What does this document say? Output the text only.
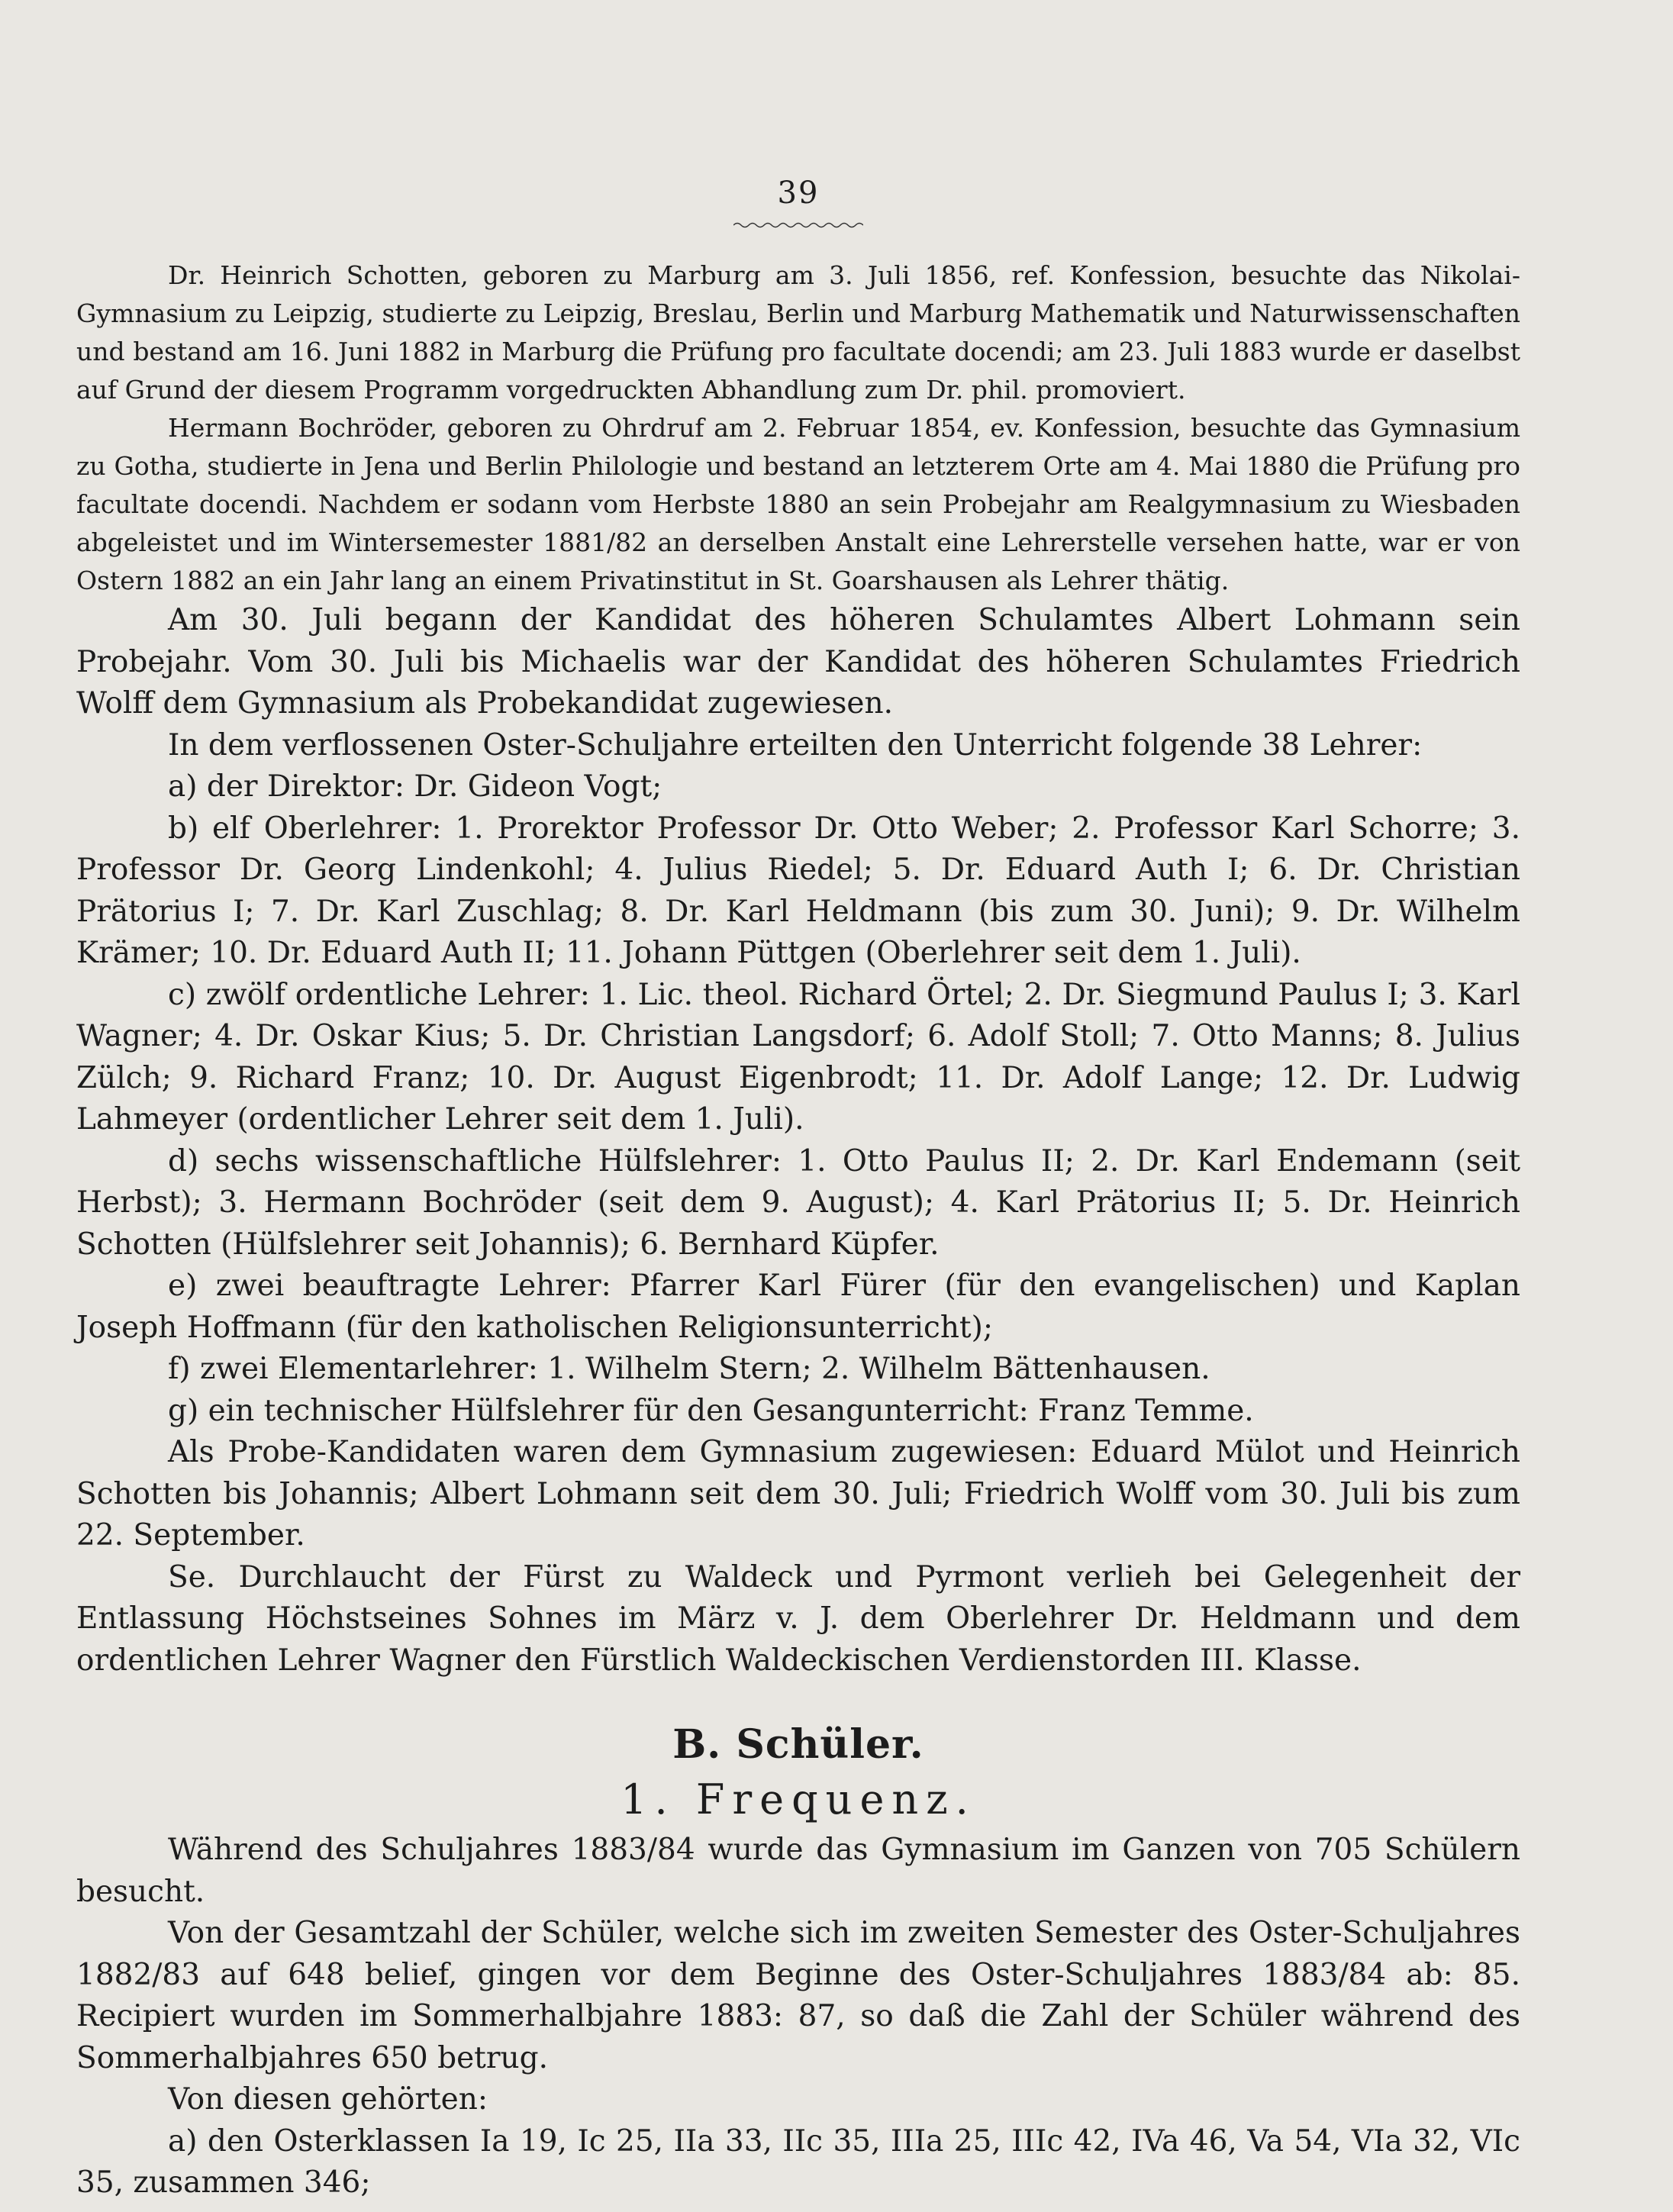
39

Dr. Heinrich Schotten, geboren zu Marburg am 3. Juli 1856, ref. Konfession, besuchte das Nikolai-Gymnasium zu Leipzig, studierte zu Leipzig, Breslau, Berlin und Marburg Mathematik und Naturwissenschaften und bestand am 16. Juni 1882 in Marburg die Prüfung pro facultate docendi; am 23. Juli 1883 wurde er daselbst auf Grund der diesem Programm vorgedruckten Abhandlung zum Dr. phil. promoviert.

Hermann Bochröder, geboren zu Ohrdruf am 2. Februar 1854, ev. Konfession, besuchte das Gymnasium zu Gotha, studierte in Jena und Berlin Philologie und bestand an letzterem Orte am 4. Mai 1880 die Prüfung pro facultate docendi. Nachdem er sodann vom Herbste 1880 an sein Probejahr am Realgymnasium zu Wiesbaden abgeleistet und im Wintersemester 1881/82 an derselben Anstalt eine Lehrerstelle versehen hatte, war er von Ostern 1882 an ein Jahr lang an einem Privatinstitut in St. Goarshausen als Lehrer thätig.

Am 30. Juli begann der Kandidat des höheren Schulamtes Albert Lohmann sein Probejahr. Vom 30. Juli bis Michaelis war der Kandidat des höheren Schulamtes Friedrich Wolff dem Gymnasium als Probekandidat zugewiesen.

In dem verflossenen Oster-Schuljahre erteilten den Unterricht folgende 38 Lehrer:

a) der Direktor: Dr. Gideon Vogt;

b) elf Oberlehrer: 1. Prorektor Professor Dr. Otto Weber; 2. Professor Karl Schorre; 3. Professor Dr. Georg Lindenkohl; 4. Julius Riedel; 5. Dr. Eduard Auth I; 6. Dr. Christian Prätorius I; 7. Dr. Karl Zuschlag; 8. Dr. Karl Heldmann (bis zum 30. Juni); 9. Dr. Wilhelm Krämer; 10. Dr. Eduard Auth II; 11. Johann Püttgen (Oberlehrer seit dem 1. Juli).

c) zwölf ordentliche Lehrer: 1. Lic. theol. Richard Örtel; 2. Dr. Siegmund Paulus I; 3. Karl Wagner; 4. Dr. Oskar Kius; 5. Dr. Christian Langsdorf; 6. Adolf Stoll; 7. Otto Manns; 8. Julius Zülch; 9. Richard Franz; 10. Dr. August Eigenbrodt; 11. Dr. Adolf Lange; 12. Dr. Ludwig Lahmeyer (ordentlicher Lehrer seit dem 1. Juli).

d) sechs wissenschaftliche Hülfslehrer: 1. Otto Paulus II; 2. Dr. Karl Endemann (seit Herbst); 3. Hermann Bochröder (seit dem 9. August); 4. Karl Prätorius II; 5. Dr. Heinrich Schotten (Hülfslehrer seit Johannis); 6. Bernhard Küpfer.

e) zwei beauftragte Lehrer: Pfarrer Karl Fürer (für den evangelischen) und Kaplan Joseph Hoffmann (für den katholischen Religionsunterricht);

f) zwei Elementarlehrer: 1. Wilhelm Stern; 2. Wilhelm Bättenhausen.

g) ein technischer Hülfslehrer für den Gesangunterricht: Franz Temme.

Als Probe-Kandidaten waren dem Gymnasium zugewiesen: Eduard Mülot und Heinrich Schotten bis Johannis; Albert Lohmann seit dem 30. Juli; Friedrich Wolff vom 30. Juli bis zum 22. September.

Se. Durchlaucht der Fürst zu Waldeck und Pyrmont verlieh bei Gelegenheit der Entlassung Höchstseines Sohnes im März v. J. dem Oberlehrer Dr. Heldmann und dem ordentlichen Lehrer Wagner den Fürstlich Waldeckischen Verdienstorden III. Klasse.

B. Schüler.
1. Frequenz.

Während des Schuljahres 1883/84 wurde das Gymnasium im Ganzen von 705 Schülern besucht.

Von der Gesamtzahl der Schüler, welche sich im zweiten Semester des Oster-Schuljahres 1882/83 auf 648 belief, gingen vor dem Beginne des Oster-Schuljahres 1883/84 ab: 85. Recipiert wurden im Sommerhalbjahre 1883: 87, so daß die Zahl der Schüler während des Sommerhalbjahres 650 betrug.

Von diesen gehörten:

a) den Osterklassen Ia 19, Ic 25, IIa 33, IIc 35, IIIa 25, IIIc 42, IVa 46, Va 54, VIa 32, VIc 35, zusammen 346;
